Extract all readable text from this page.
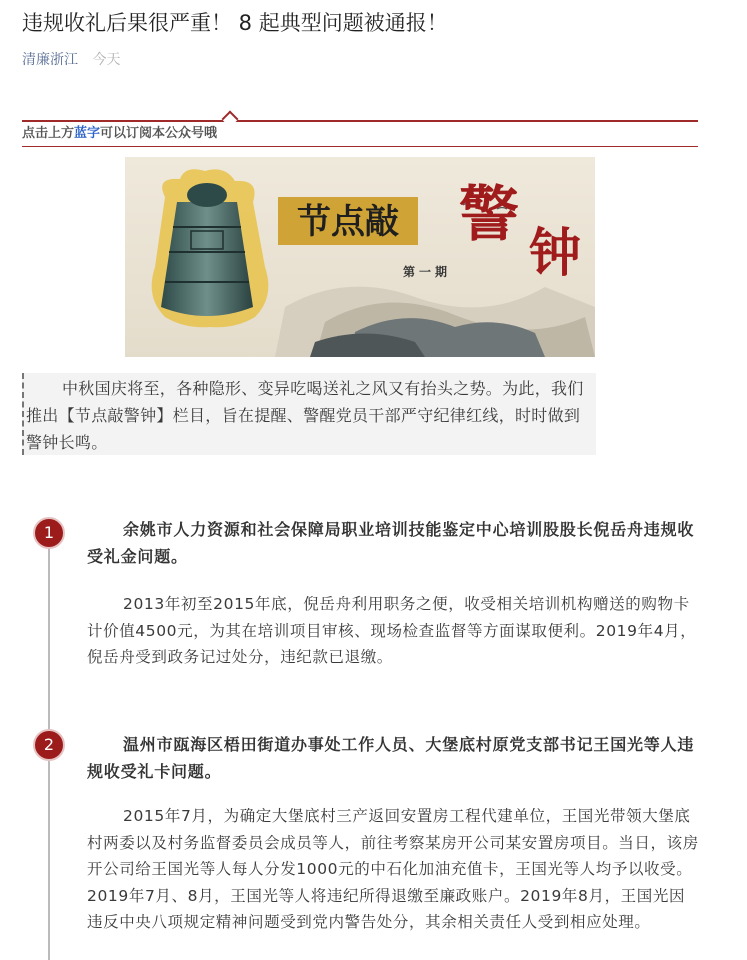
违规收礼后果很严重！ 8 起典型问题被通报！
清廉浙江 今天
点击上方蓝字可以订阅本公众号哦
节点敲 警
钟
第一期
中秋国庆将至，各种隐形、变异吃喝送礼之风又有抬头之势。为此，我们推出【节点敲警钟】栏目，旨在提醒、警醒党员干部严守纪律红线，时时做到警钟长鸣。
1	余姚市人力资源和社会保障局职业培训技能鉴定中心培训股股长倪岳舟违规收受礼金问题。
2013年初至2015年底，倪岳舟利用职务之便，收受相关培训机构赠送的购物卡计价值4500元，为其在培训项目审核、现场检查监督等方面谋取便利。2019年4月，倪岳舟受到政务记过处分，违纪款已退缴。
2	温州市瓯海区梧田街道办事处工作人员、大堡底村原党支部书记王国光等人违规收受礼卡问题。
2015年7月，为确定大堡底村三产返回安置房工程代建单位，王国光带领大堡底村两委以及村务监督委员会成员等人，前往考察某房开公司某安置房项目。当日，该房开公司给王国光等人每人分发1000元的中石化加油充值卡，王国光等人均予以收受。2019年7月、8月，王国光等人将违纪所得退缴至廉政账户。2019年8月，王国光因违反中央八项规定精神问题受到党内警告处分，其余相关责任人受到相应处理。
